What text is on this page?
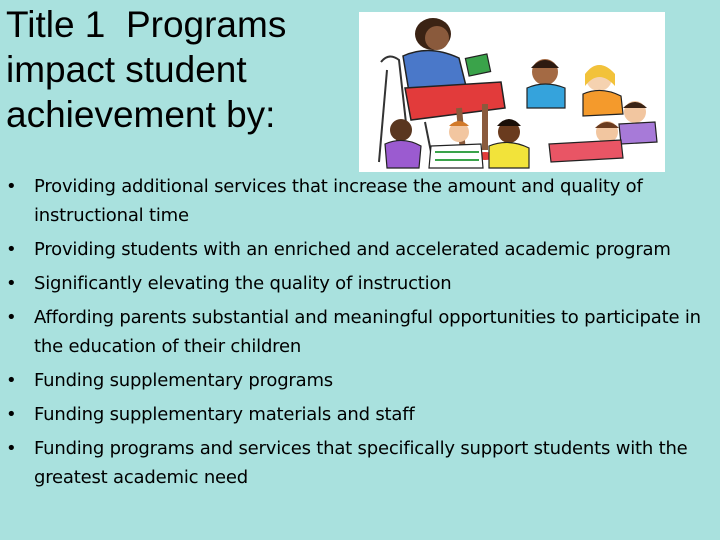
Title 1  Programs
impact student
achievement by:
• Providing additional services that increase the amount and quality of instructional time
• Providing students with an enriched and accelerated academic program
• Significantly elevating the quality of instruction
• Affording parents substantial and meaningful opportunities to participate in the education of their children
• Funding supplementary programs
• Funding supplementary materials and staff
• Funding programs and services that specifically support students with the greatest academic need
